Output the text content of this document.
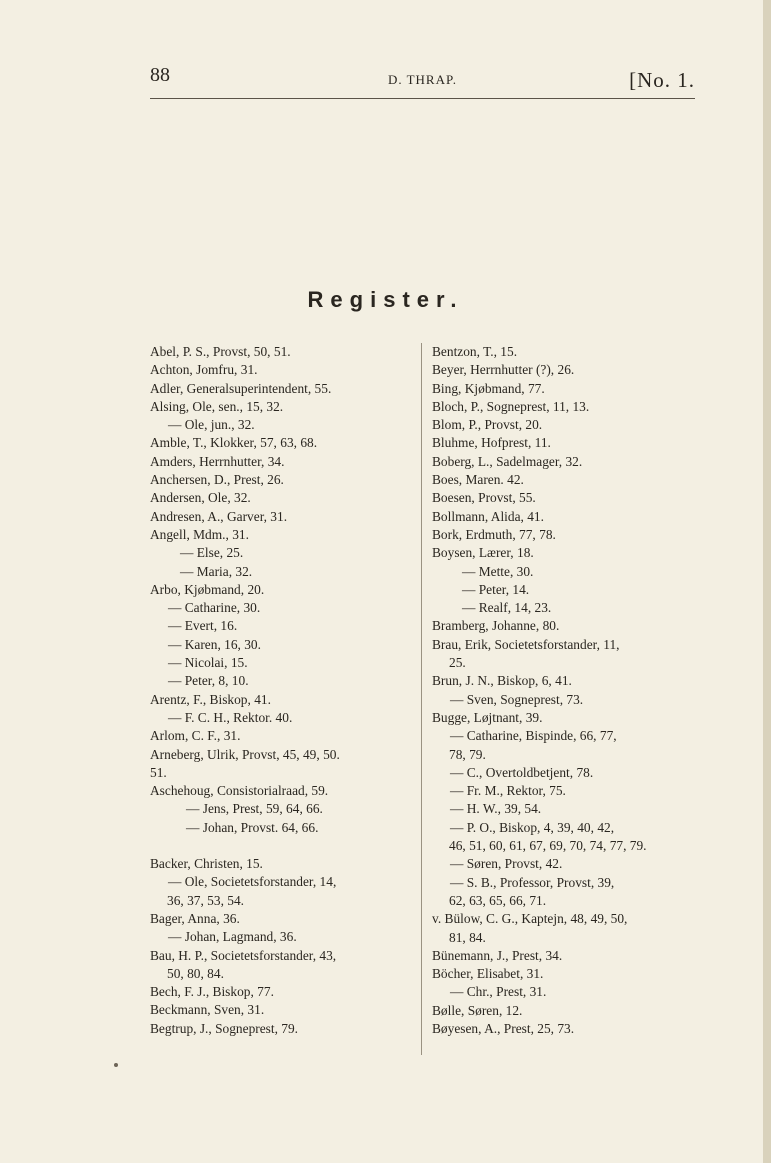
88	D. THRAP.	[No. 1.
Register.
Abel, P. S., Provst, 50, 51.
Achton, Jomfru, 31.
Adler, Generalsuperintendent, 55.
Alsing, Ole, sen., 15, 32.
— Ole, jun., 32.
Amble, T., Klokker, 57, 63, 68.
Amders, Herrnhutter, 34.
Anchersen, D., Prest, 26.
Andersen, Ole, 32.
Andresen, A., Garver, 31.
Angell, Mdm., 31.
— Else, 25.
— Maria, 32.
Arbo, Kjøbmand, 20.
— Catharine, 30.
— Evert, 16.
— Karen, 16, 30.
— Nicolai, 15.
— Peter, 8, 10.
Arentz, F., Biskop, 41.
— F. C. H., Rektor. 40.
Arlom, C. F., 31.
Arneberg, Ulrik, Provst, 45, 49, 50.
51.
Aschehoug, Consistorialraad, 59.
— Jens, Prest, 59, 64, 66.
— Johan, Provst. 64, 66.
Backer, Christen, 15.
— Ole, Societetsforstander, 14,
36, 37, 53, 54.
Bager, Anna, 36.
— Johan, Lagmand, 36.
Bau, H. P., Societetsforstander, 43,
50, 80, 84.
Bech, F. J., Biskop, 77.
Beckmann, Sven, 31.
Begtrup, J., Sogneprest, 79.
Bentzon, T., 15.
Beyer, Herrnhutter (?), 26.
Bing, Kjøbmand, 77.
Bloch, P., Sogneprest, 11, 13.
Blom, P., Provst, 20.
Bluhme, Hofprest, 11.
Boberg, L., Sadelmager, 32.
Boes, Maren. 42.
Boesen, Provst, 55.
Bollmann, Alida, 41.
Bork, Erdmuth, 77, 78.
Boysen, Lærer, 18.
— Mette, 30.
— Peter, 14.
— Realf, 14, 23.
Bramberg, Johanne, 80.
Brau, Erik, Societetsforstander, 11,
25.
Brun, J. N., Biskop, 6, 41.
— Sven, Sogneprest, 73.
Bugge, Løjtnant, 39.
— Catharine, Bispinde, 66, 77,
78, 79.
— C., Overtoldbetjent, 78.
— Fr. M., Rektor, 75.
— H. W., 39, 54.
— P. O., Biskop, 4, 39, 40, 42,
46, 51, 60, 61, 67, 69, 70, 74, 77, 79.
— Søren, Provst, 42.
— S. B., Professor, Provst, 39,
62, 63, 65, 66, 71.
v. Bülow, C. G., Kaptejn, 48, 49, 50,
81, 84.
Bünemann, J., Prest, 34.
Böcher, Elisabet, 31.
— Chr., Prest, 31.
Bølle, Søren, 12.
Bøyesen, A., Prest, 25, 73.
